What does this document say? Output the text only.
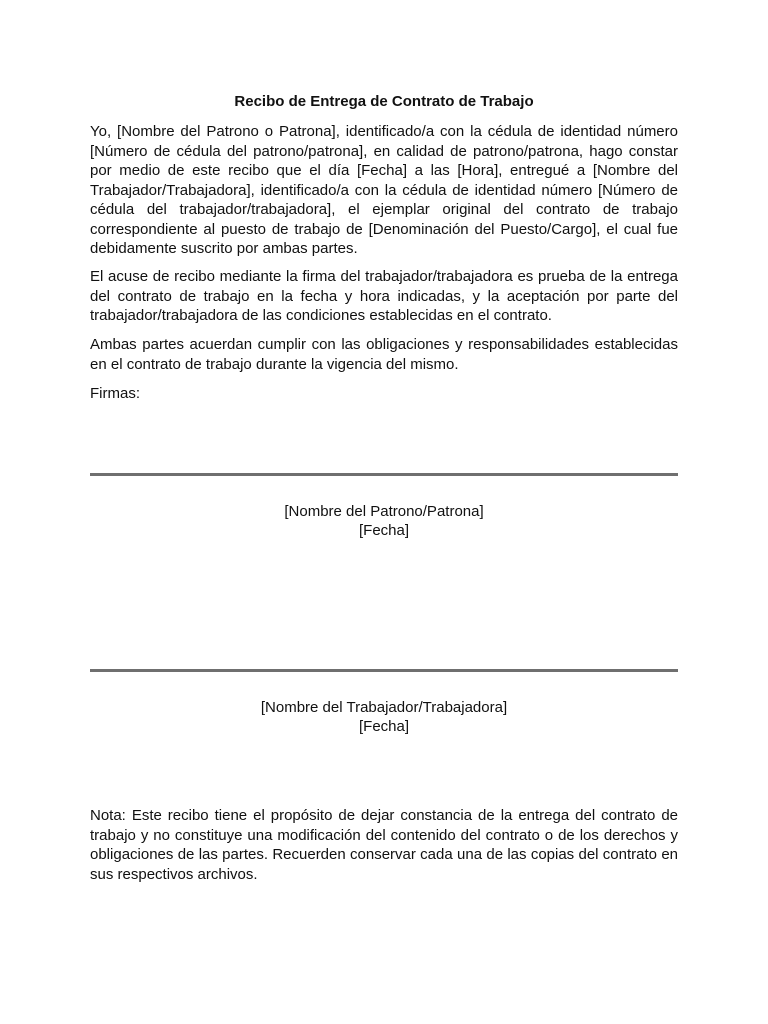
Recibo de Entrega de Contrato de Trabajo

Yo, [Nombre del Patrono o Patrona], identificado/a con la cédula de identidad número [Número de cédula del patrono/patrona], en calidad de patrono/patrona, hago constar por medio de este recibo que el día [Fecha] a las [Hora], entregué a [Nombre del Trabajador/Trabajadora], identificado/a con la cédula de identidad número [Número de cédula del trabajador/trabajadora], el ejemplar original del contrato de trabajo correspondiente al puesto de trabajo de [Denominación del Puesto/Cargo], el cual fue debidamente suscrito por ambas partes.

El acuse de recibo mediante la firma del trabajador/trabajadora es prueba de la entrega del contrato de trabajo en la fecha y hora indicadas, y la aceptación por parte del trabajador/trabajadora de las condiciones establecidas en el contrato.

Ambas partes acuerdan cumplir con las obligaciones y responsabilidades establecidas en el contrato de trabajo durante la vigencia del mismo.

Firmas:

[Nombre del Patrono/Patrona]
[Fecha]
[Nombre del Trabajador/Trabajadora]
[Fecha]

Nota: Este recibo tiene el propósito de dejar constancia de la entrega del contrato de trabajo y no constituye una modificación del contenido del contrato o de los derechos y obligaciones de las partes. Recuerden conservar cada una de las copias del contrato en sus respectivos archivos.
